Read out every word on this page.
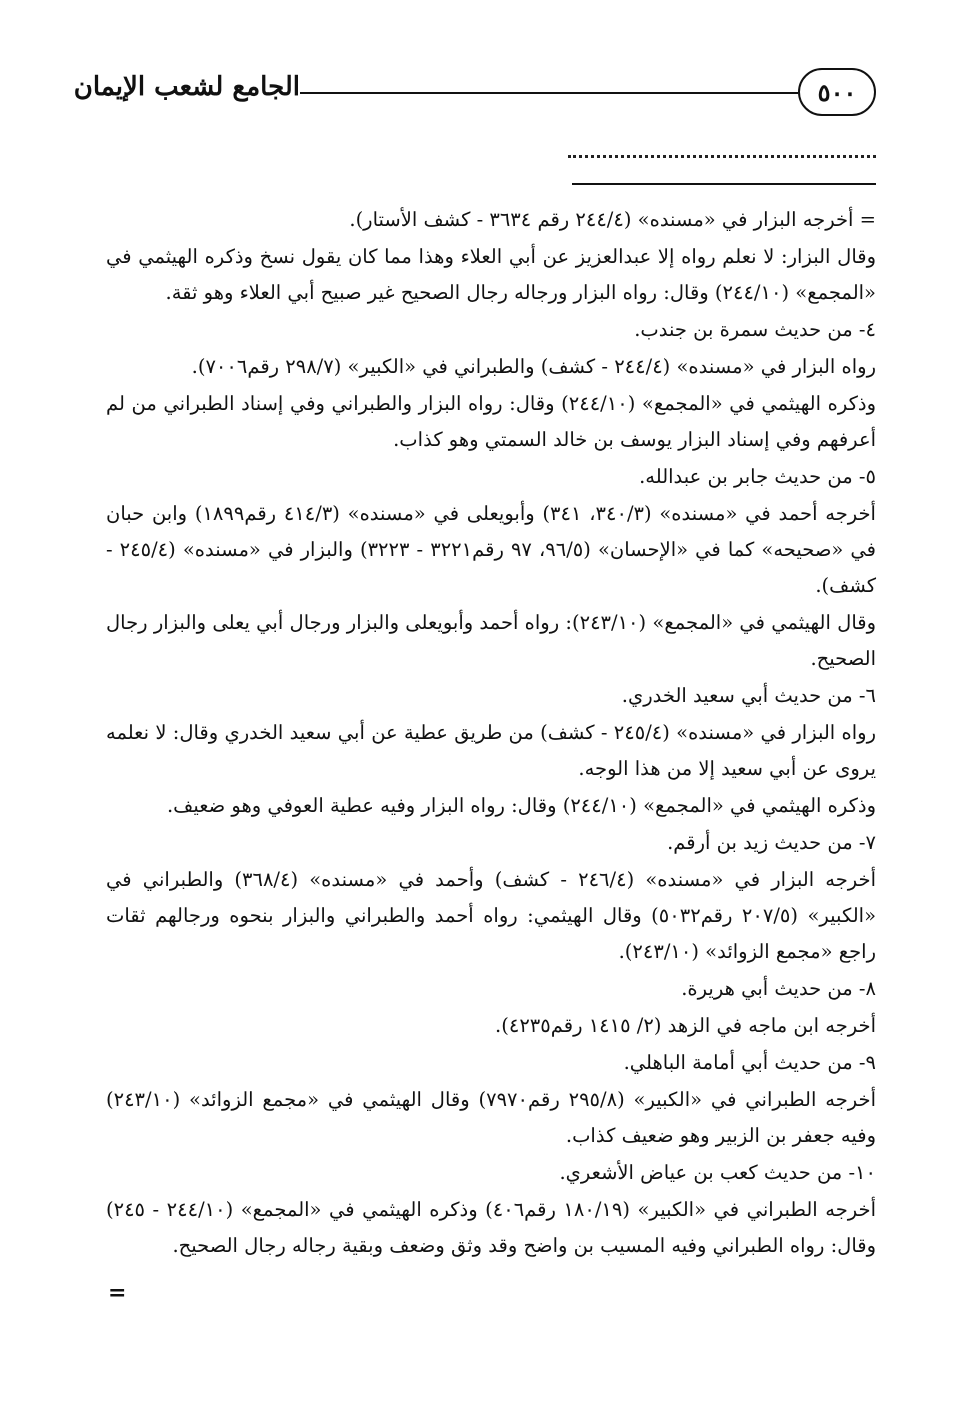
٥٠٠
الجامع لشعب الإيمان

= أخرجه البزار في «مسنده» (٢٤٤/٤ رقم ٣٦٣٤ - كشف الأستار).

وقال البزار: لا نعلم رواه إلا عبدالعزيز عن أبي العلاء وهذا مما كان يقول نسخ وذكره الهيثمي في «المجمع» (٢٤٤/١٠) وقال: رواه البزار ورجاله رجال الصحيح غير صبيح أبي العلاء وهو ثقة.

٤- من حديث سمرة بن جندب.

رواه البزار في «مسنده» (٢٤٤/٤ - كشف) والطبراني في «الكبير» (٢٩٨/٧ رقم٧٠٠٦).

وذكره الهيثمي في «المجمع» (٢٤٤/١٠) وقال: رواه البزار والطبراني وفي إسناد الطبراني من لم أعرفهم وفي إسناد البزار يوسف بن خالد السمتي وهو كذاب.

٥- من حديث جابر بن عبدالله.

أخرجه أحمد في «مسنده» (٣٤٠/٣، ٣٤١) وأبويعلى في «مسنده» (٤١٤/٣ رقم١٨٩٩) وابن حبان في «صحيحه» كما في «الإحسان» (٩٦/٥، ٩٧ رقم٣٢٢١ - ٣٢٢٣) والبزار في «مسنده» (٢٤٥/٤ - كشف).

وقال الهيثمي في «المجمع» (٢٤٣/١٠): رواه أحمد وأبويعلى والبزار ورجال أبي يعلى والبزار رجال الصحيح.

٦- من حديث أبي سعيد الخدري.

رواه البزار في «مسنده» (٢٤٥/٤ - كشف) من طريق عطية عن أبي سعيد الخدري وقال: لا نعلمه يروى عن أبي سعيد إلا من هذا الوجه.

وذكره الهيثمي في «المجمع» (٢٤٤/١٠) وقال: رواه البزار وفيه عطية العوفي وهو ضعيف.

٧- من حديث زيد بن أرقم.

أخرجه البزار في «مسنده» (٢٤٦/٤ - كشف) وأحمد في «مسنده» (٣٦٨/٤) والطبراني في «الكبير» (٢٠٧/٥ رقم٥٠٣٢) وقال الهيثمي: رواه أحمد والطبراني والبزار بنحوه ورجالهم ثقات راجع «مجمع الزوائد» (٢٤٣/١٠).

٨- من حديث أبي هريرة.

أخرجه ابن ماجه في الزهد (٢/ ١٤١٥ رقم٤٢٣٥).

٩- من حديث أبي أمامة الباهلي.

أخرجه الطبراني في «الكبير» (٢٩٥/٨ رقم٧٩٧٠) وقال الهيثمي في «مجمع الزوائد» (٢٤٣/١٠) وفيه جعفر بن الزبير وهو ضعيف كذاب.

١٠- من حديث كعب بن عياض الأشعري.

أخرجه الطبراني في «الكبير» (١٨٠/١٩ رقم٤٠٦) وذكره الهيثمي في «المجمع» (٢٤٤/١٠ - ٢٤٥) وقال: رواه الطبراني وفيه المسيب بن واضح وقد وثق وضعف وبقية رجاله رجال الصحيح.

=
